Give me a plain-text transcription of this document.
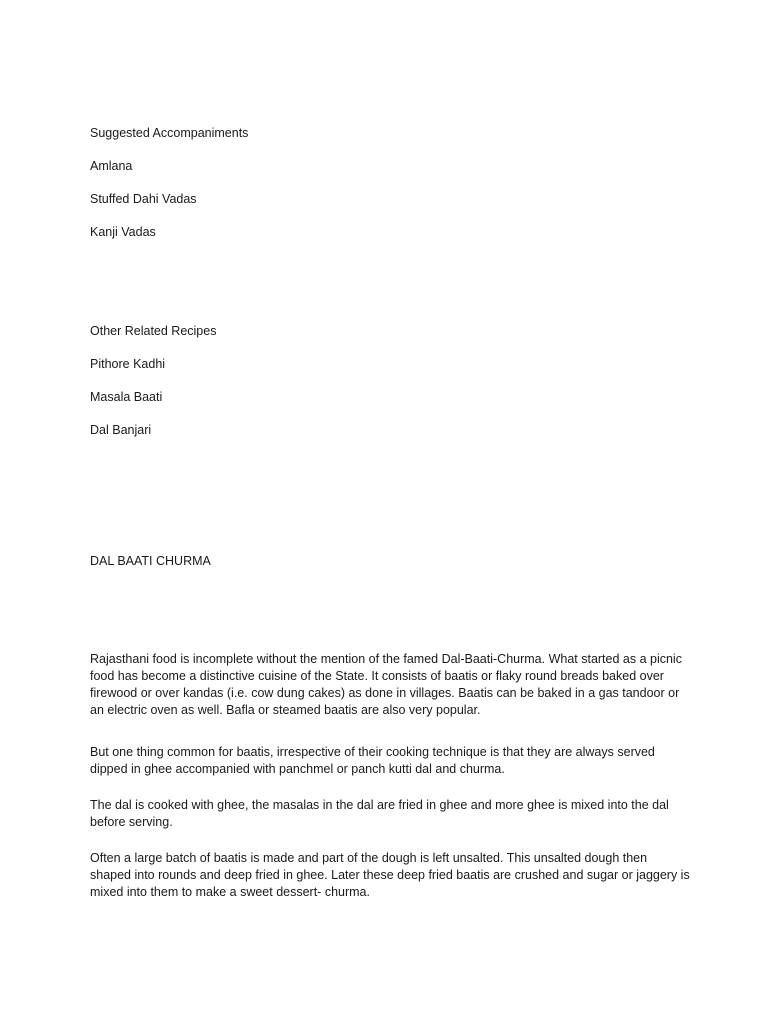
Suggested Accompaniments

Amlana

Stuffed Dahi Vadas

Kanji Vadas

Other Related Recipes

Pithore Kadhi

Masala Baati

Dal Banjari

DAL BAATI CHURMA

Rajasthani food is incomplete without the mention of the famed Dal-Baati-Churma. What started as a picnic food has become a distinctive cuisine of the State. It consists of baatis or flaky round breads baked over firewood or over kandas (i.e. cow dung cakes) as done in villages. Baatis can be baked in a gas tandoor or an electric oven as well. Bafla or steamed baatis are also very popular.

But one thing common for baatis, irrespective of their cooking technique is that they are always served dipped in ghee accompanied with panchmel or panch kutti dal and churma.

The dal is cooked with ghee, the masalas in the dal are fried in ghee and more ghee is mixed into the dal before serving.

Often a large batch of baatis is made and part of the dough is left unsalted. This unsalted dough then shaped into rounds and deep fried in ghee. Later these deep fried baatis are crushed and sugar or jaggery is mixed into them to make a sweet dessert- churma.
